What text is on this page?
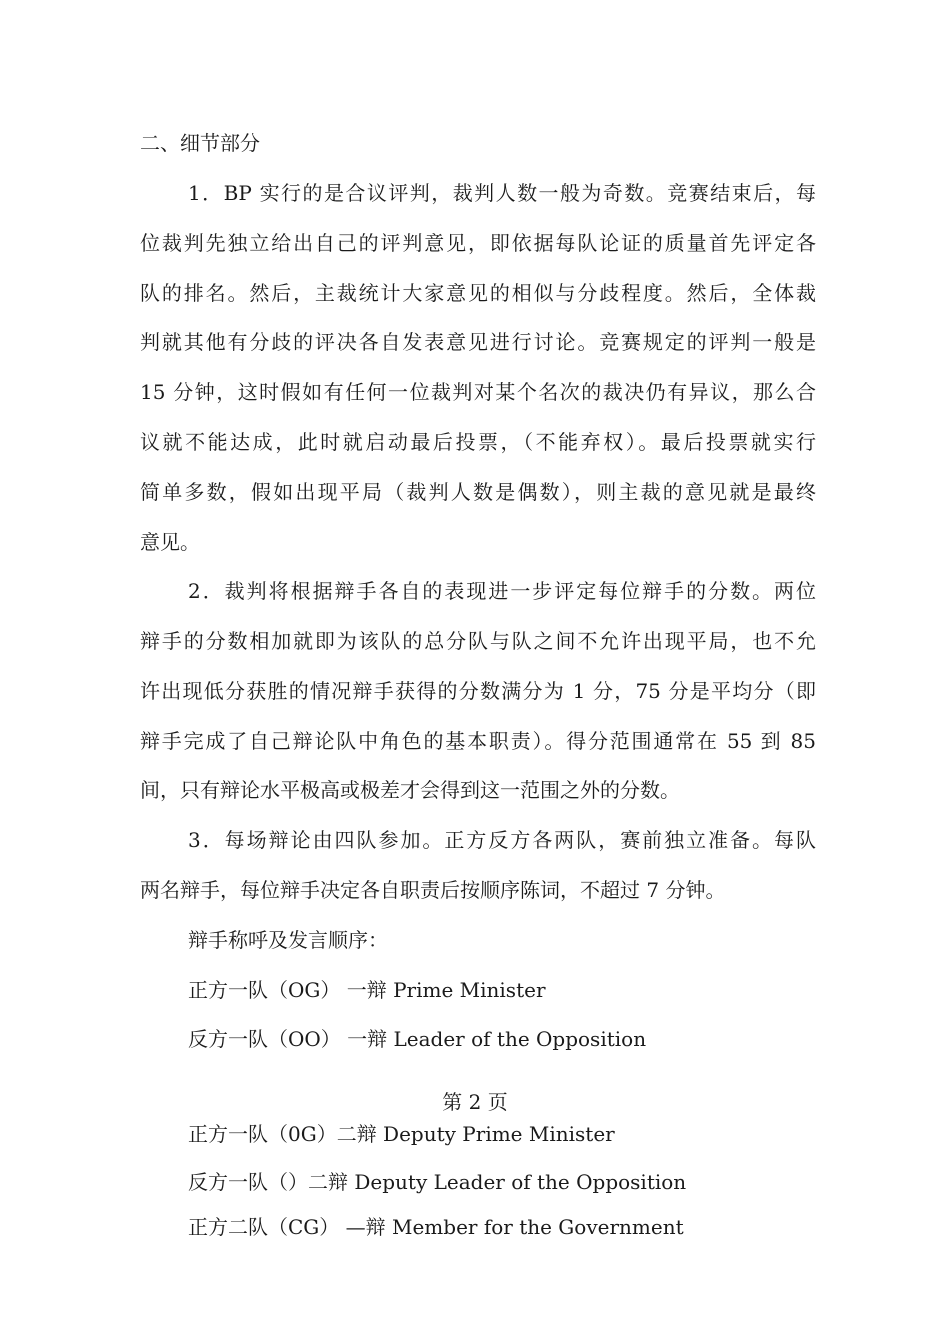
二、细节部分
1．BP 实行的是合议评判，裁判人数一般为奇数。竞赛结束后，每
位裁判先独立给出自己的评判意见，即依据每队论证的质量首先评定各
队的排名。然后，主裁统计大家意见的相似与分歧程度。然后，全体裁
判就其他有分歧的评决各自发表意见进行讨论。竞赛规定的评判一般是
15 分钟，这时假如有任何一位裁判对某个名次的裁决仍有异议，那么合
议就不能达成，此时就启动最后投票，（不能弃权）。最后投票就实行
简单多数，假如出现平局（裁判人数是偶数），则主裁的意见就是最终
意见。
2．裁判将根据辩手各自的表现进一步评定每位辩手的分数。两位
辩手的分数相加就即为该队的总分队与队之间不允许出现平局，也不允
许出现低分获胜的情况辩手获得的分数满分为 1 分，75 分是平均分（即
辩手完成了自己辩论队中角色的基本职责）。得分范围通常在 55 到 85
间，只有辩论水平极高或极差才会得到这一范围之外的分数。
3．每场辩论由四队参加。正方反方各两队，赛前独立准备。每队
两名辩手，每位辩手决定各自职责后按顺序陈词，不超过 7 分钟。
辩手称呼及发言顺序：
正方一队（OG） 一辩 Prime Minister
反方一队（OO） 一辩 Leader of the Opposition
第 2 页
正方一队（0G）二辩 Deputy Prime Minister
反方一队（）二辩 Deputy Leader of the Opposition
正方二队（CG） —辩 Member for the Government
